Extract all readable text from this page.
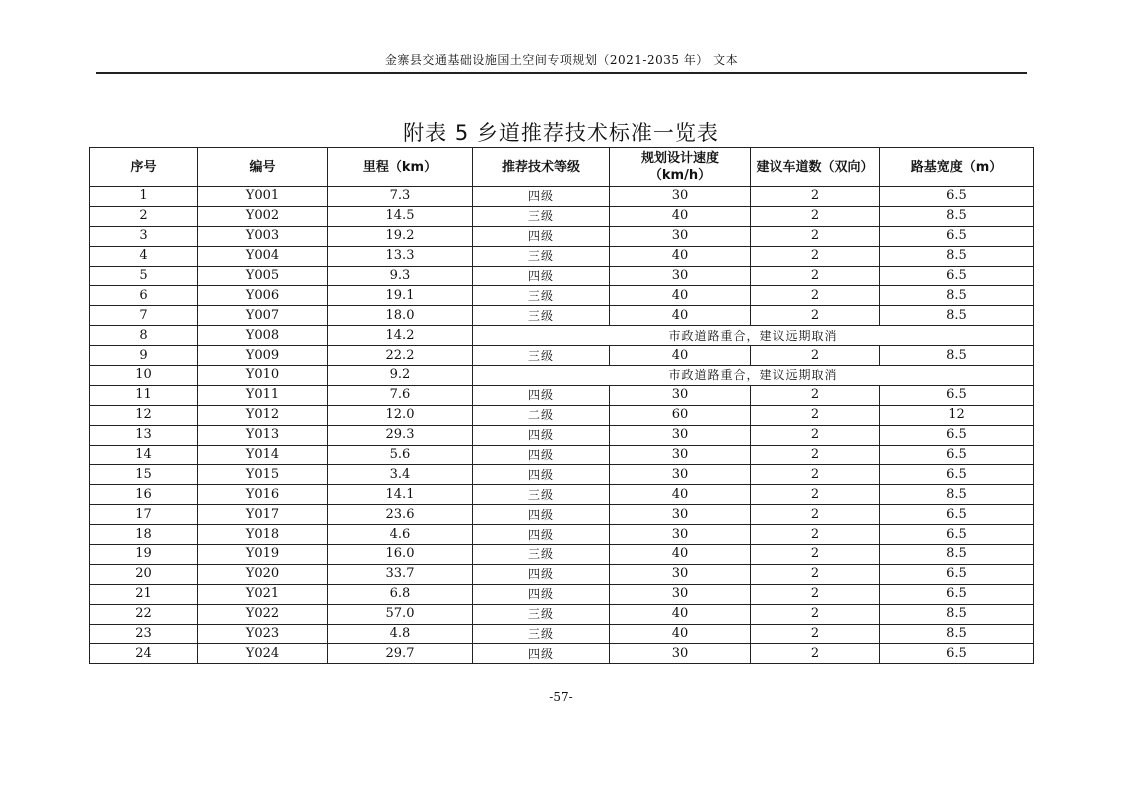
金寨县交通基础设施国土空间专项规划（2021-2035 年） 文本
附表 5 乡道推荐技术标准一览表
序号	编号	里程（km）	推荐技术等级	规划设计速度（km/h）	建议车道数（双向）	路基宽度（m）
1	Y001	7.3	四级	30	2	6.5
2	Y002	14.5	三级	40	2	8.5
3	Y003	19.2	四级	30	2	6.5
4	Y004	13.3	三级	40	2	8.5
5	Y005	9.3	四级	30	2	6.5
6	Y006	19.1	三级	40	2	8.5
7	Y007	18.0	三级	40	2	8.5
8	Y008	14.2	市政道路重合，建议远期取消			
9	Y009	22.2	三级	40	2	8.5
10	Y010	9.2	市政道路重合，建议远期取消			
11	Y011	7.6	四级	30	2	6.5
12	Y012	12.0	二级	60	2	12
13	Y013	29.3	四级	30	2	6.5
14	Y014	5.6	四级	30	2	6.5
15	Y015	3.4	四级	30	2	6.5
16	Y016	14.1	三级	40	2	8.5
17	Y017	23.6	四级	30	2	6.5
18	Y018	4.6	四级	30	2	6.5
19	Y019	16.0	三级	40	2	8.5
20	Y020	33.7	四级	30	2	6.5
21	Y021	6.8	四级	30	2	6.5
22	Y022	57.0	三级	40	2	8.5
23	Y023	4.8	三级	40	2	8.5
24	Y024	29.7	四级	30	2	6.5
-57-
